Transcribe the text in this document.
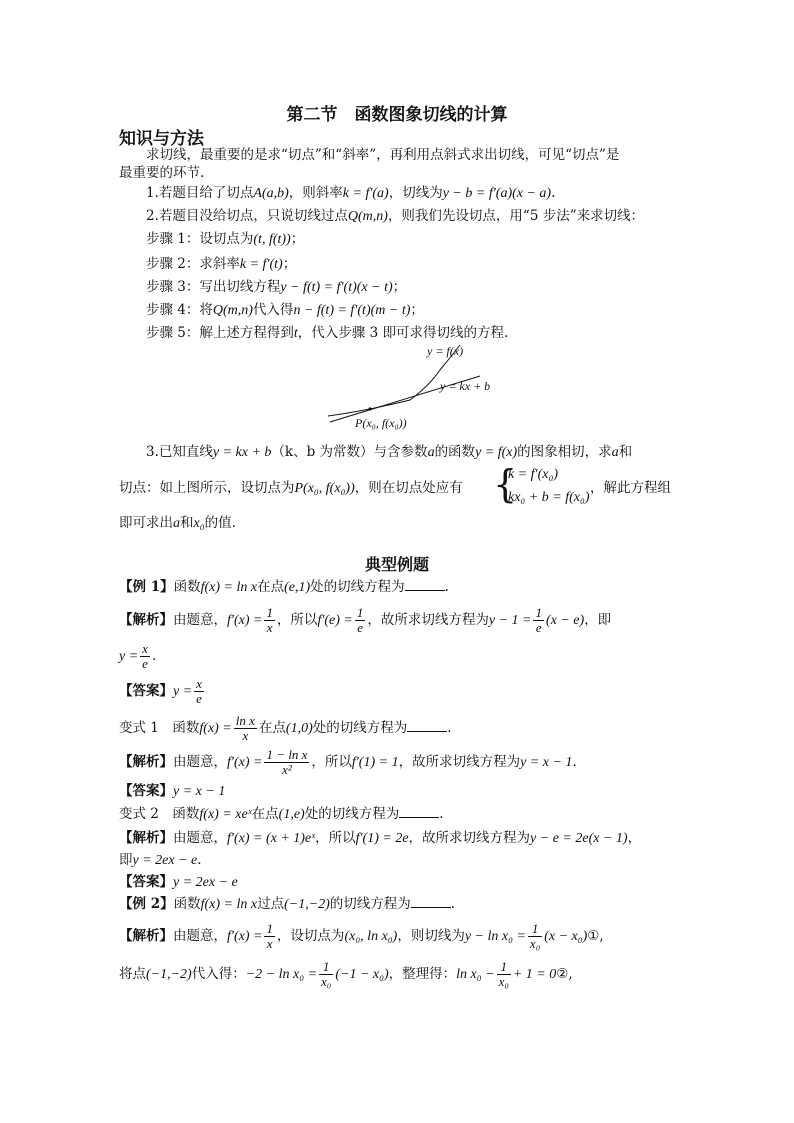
第二节　函数图象切线的计算
知识与方法
求切线，最重要的是求“切点”和“斜率”，再利用点斜式求出切线，可见“切点”是
最重要的环节.
1.若题目给了切点A(a,b)，则斜率k = f′(a)，切线为y − b = f′(a)(x − a).
2.若题目没给切点，只说切线过点Q(m,n)，则我们先设切点，用“5 步法”来求切线：
步骤 1：设切点为(t, f(t))；
步骤 2：求斜率k = f′(t)；
步骤 3：写出切线方程y − f(t) = f′(t)(x − t)；
步骤 4：将Q(m,n)代入得n − f(t) = f′(t)(m − t)；
步骤 5：解上述方程得到t，代入步骤 3 即可求得切线的方程.
y = f(x)
y = kx + b
P(x₀, f(x₀))
3.已知直线y = kx + b（k、b 为常数）与含参数a的函数y = f(x)的图象相切，求a和
切点：如上图所示，设切点为P(x₀, f(x₀))，则在切点处应有 {
k = f′(x₀)
kx₀ + b = f(x₀)
，解此方程组
即可求出a和x₀的值.
典型例题
【例 1】函数f(x) = ln x在点(e,1)处的切线方程为	.
【解析】由题意，$f'(x) = \frac{1}{x}$ ，所以$f'(e) = \frac{1}{e}$ ，故所求切线方程为$y - 1 = \frac{1}{e} (x - e)$，即
$y = \frac{x}{e}$ .
【答案】$y = \frac{x}{e}$
变式 1　函数$f(x) = \frac{\text{ln x}}{x}$ 在点(1,0)处的切线方程为	.
【解析】由题意，$f'(x) = \frac{\text{1 − ln x}}{\text{x²}}$ ，所以f′(1) = 1，故所求切线方程为y = x − 1.
【答案】y = x − 1
变式 2　函数f(x) = xeˣ在点(1,e)处的切线方程为	.
【解析】由题意，f′(x) = (x + 1)eˣ，所以f′(1) = 2e，故所求切线方程为y − e = 2e(x − 1)，
即y = 2ex − e.
【答案】y = 2ex − e
【例 2】函数f(x) = ln x过点(−1,−2)的切线方程为	.
【解析】由题意，$f'(x) = \frac{1}{x}$ ，设切点为(x₀, ln x₀)，则切线为$y - \ln x_0 = \frac{1}{\text{x₀}} (x$ − x₀)①,
将点(−1,−2)代入得：$-2 - \ln x_0 = \frac{1}{\text{x₀}} (-1 - x_0)$，整理得：$\ln x_0 - \frac{1}{\text{x₀}} + 1$ = 0②,
